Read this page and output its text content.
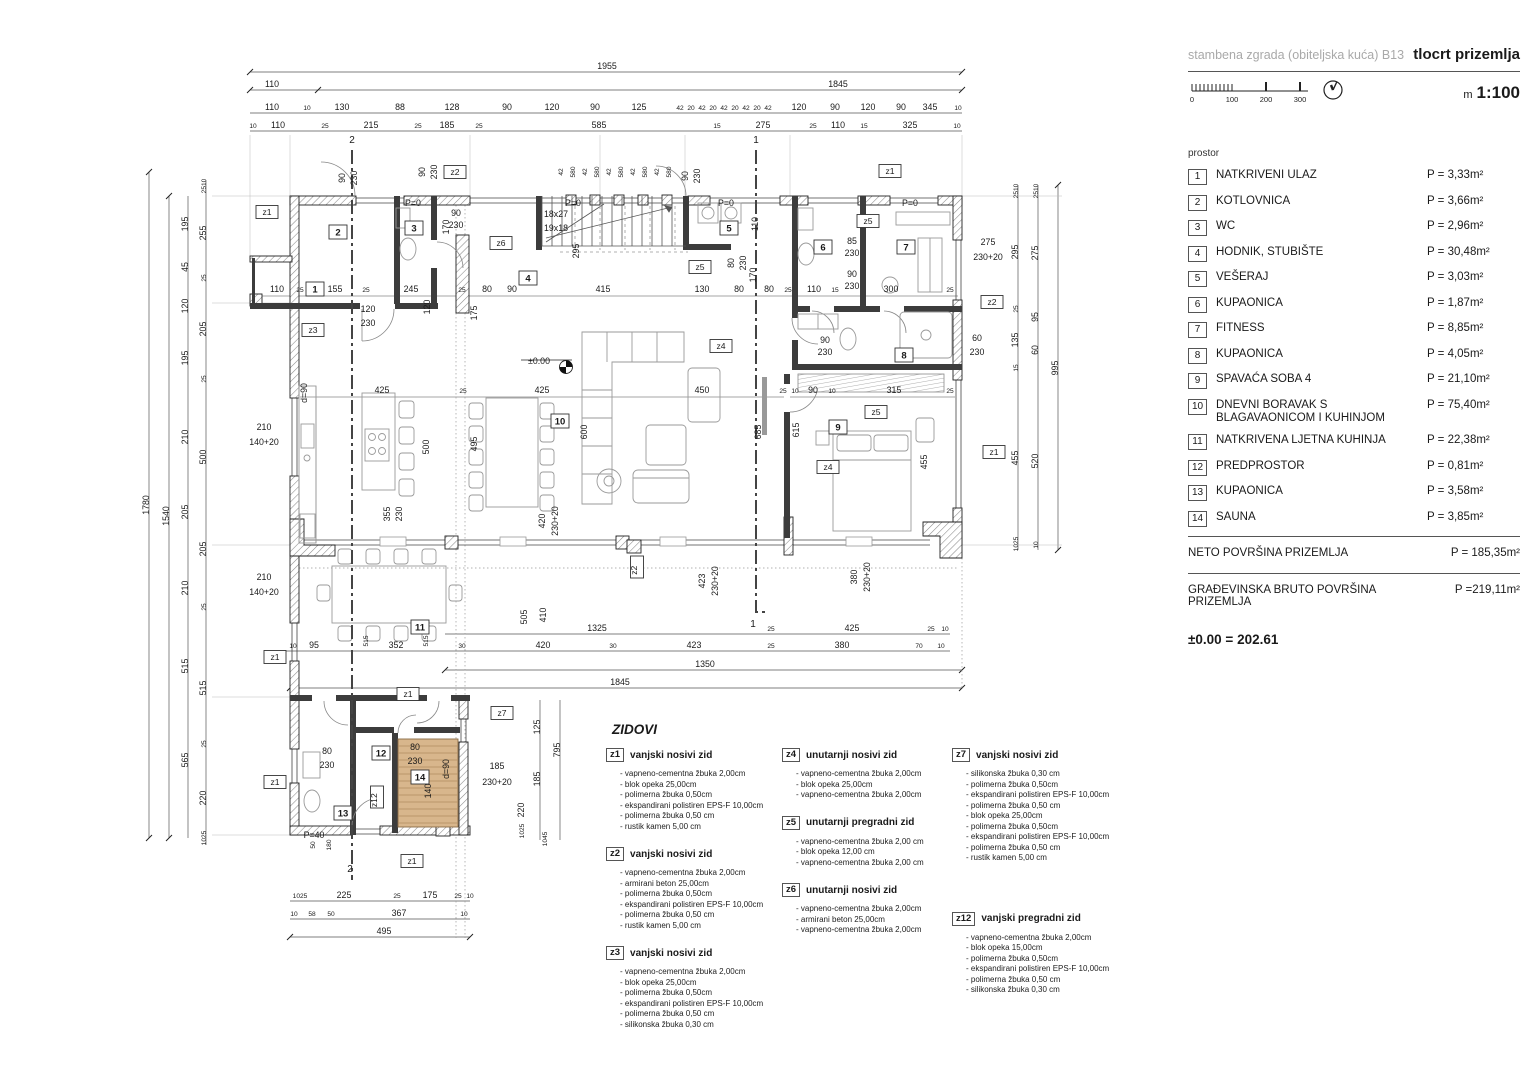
1955
110	1845
110	10	130	88	128	90	120	90	125	42 20 42 20 42 20 42 20 42 120	90 120 90 345	10
10 110	25	215	25 185	25	585	15	275	25 110 15	325	10
1780
1540
195
45
120
195
210
205
210
515
565
2510
255
25
205
25
500
205
25
515
25
220
1025
2510
295
25
135
15
455
1025
2510
275
95
60
520
10
995
1325	25	425	25 10
10 95	515 352	515	30	420	30	423	25	380	70 10
1350
1845
1025	225	25 175	25 10
10 58 50	367	10
495
505 410
795
125
185
220
1045
1025
110 25	155	25	245	25 80 90	415	130	80 80 25 110 15	300	25
425	25	425	450	25 10 90 10	315	25
500	495
600	615
685
455
175
120
170
295
110
170
140
50 180
90 230	90 230	90 230
80 230
420 230+20
423 230+20	380 230+20
355 230
90
230
85
230
90
230
90
230
275
230+20
60
230
185
230+20
210
140+20
210
140+20
120
230
80
230
80
230
P=0	P=0	P=0	P=0
P=40
18x27
19x18
±0.00
d=90
d=90
42 580 42 580 42 580 42 580 42 580
1
2	3
4
5
6	7
8
9
10
11
12
13
14
z1
z2
z6
z3
z5
z5
z1
z2
z4
z5
z4
z1
z2
z1
z1
z7
z1
z12
z1
2
2
1
1
stambena zgrada (obiteljska kuća) B13 tlocrt prizemlja
0	100	200	300	m 1:100
prostor
1	NATKRIVENI ULAZ	P = 3,33m²
2	KOTLOVNICA	P = 3,66m²
3	WC	P = 2,96m²
4	HODNIK, STUBIŠTE	P = 30,48m²
5	VEŠERAJ	P = 3,03m²
6	KUPAONICA	P = 1,87m²
7	FITNESS	P = 8,85m²
8	KUPAONICA	P = 4,05m²
9	SPAVAĆA SOBA 4	P = 21,10m²
10	DNEVNI BORAVAK S BLAGAVAONICOM I KUHINJOM
P = 75,40m²
11	NATKRIVENA LJETNA KUHINJA	P = 22,38m²
12	PREDPROSTOR	P = 0,81m²
13	KUPAONICA	P = 3,58m²
14	SAUNA	P = 3,85m²
NETO POVRŠINA PRIZEMLJA	P = 185,35m²
GRAĐEVINSKA BRUTO POVRŠINA PRIZEMLJA
P =219,11m²
±0.00 = 202.61
ZIDOVI
z1	vanjski nosivi zid
- vapneno-cementna žbuka 2,00cm
- blok opeka 25,00cm
- polimerna žbuka 0,50cm
- ekspandirani polistiren EPS-F 10,00cm
- polimerna žbuka 0,50 cm
- rustik kamen 5,00 cm
z2	vanjski nosivi zid
- vapneno-cementna žbuka 2,00cm
- armirani beton 25,00cm
- polimerna žbuka 0,50cm
- ekspandirani polistiren EPS-F 10,00cm
- polimerna žbuka 0,50 cm
- rustik kamen 5,00 cm
z3	vanjski nosivi zid
- vapneno-cementna žbuka 2,00cm
- blok opeka 25,00cm
- polimerna žbuka 0,50cm
- ekspandirani polistiren EPS-F 10,00cm
- polimerna žbuka 0,50 cm
- silikonska žbuka 0,30 cm
z4	unutarnji nosivi zid
- vapneno-cementna žbuka 2,00cm
- blok opeka 25,00cm
- vapneno-cementna žbuka 2,00cm
z5	unutarnji pregradni zid
- vapneno-cementna žbuka 2,00 cm
- blok opeka 12,00 cm
- vapneno-cementna žbuka 2,00 cm
z6	unutarnji nosivi zid
- vapneno-cementna žbuka 2,00cm
- armirani beton 25,00cm
- vapneno-cementna žbuka 2,00cm
z7	vanjski nosivi zid
- silikonska žbuka 0,30 cm
- polimerna žbuka 0,50cm
- ekspandirani polistiren EPS-F 10,00cm
- polimerna žbuka 0,50 cm
- blok opeka 25,00cm
- polimerna žbuka 0,50cm
- ekspandirani polistiren EPS-F 10,00cm
- polimerna žbuka 0,50 cm
- rustik kamen 5,00 cm
z12	vanjski pregradni zid
- vapneno-cementna žbuka 2,00cm
- blok opeka 15,00cm
- polimerna žbuka 0,50cm
- ekspandirani polistiren EPS-F 10,00cm
- polimerna žbuka 0,50 cm
- silikonska žbuka 0,30 cm
